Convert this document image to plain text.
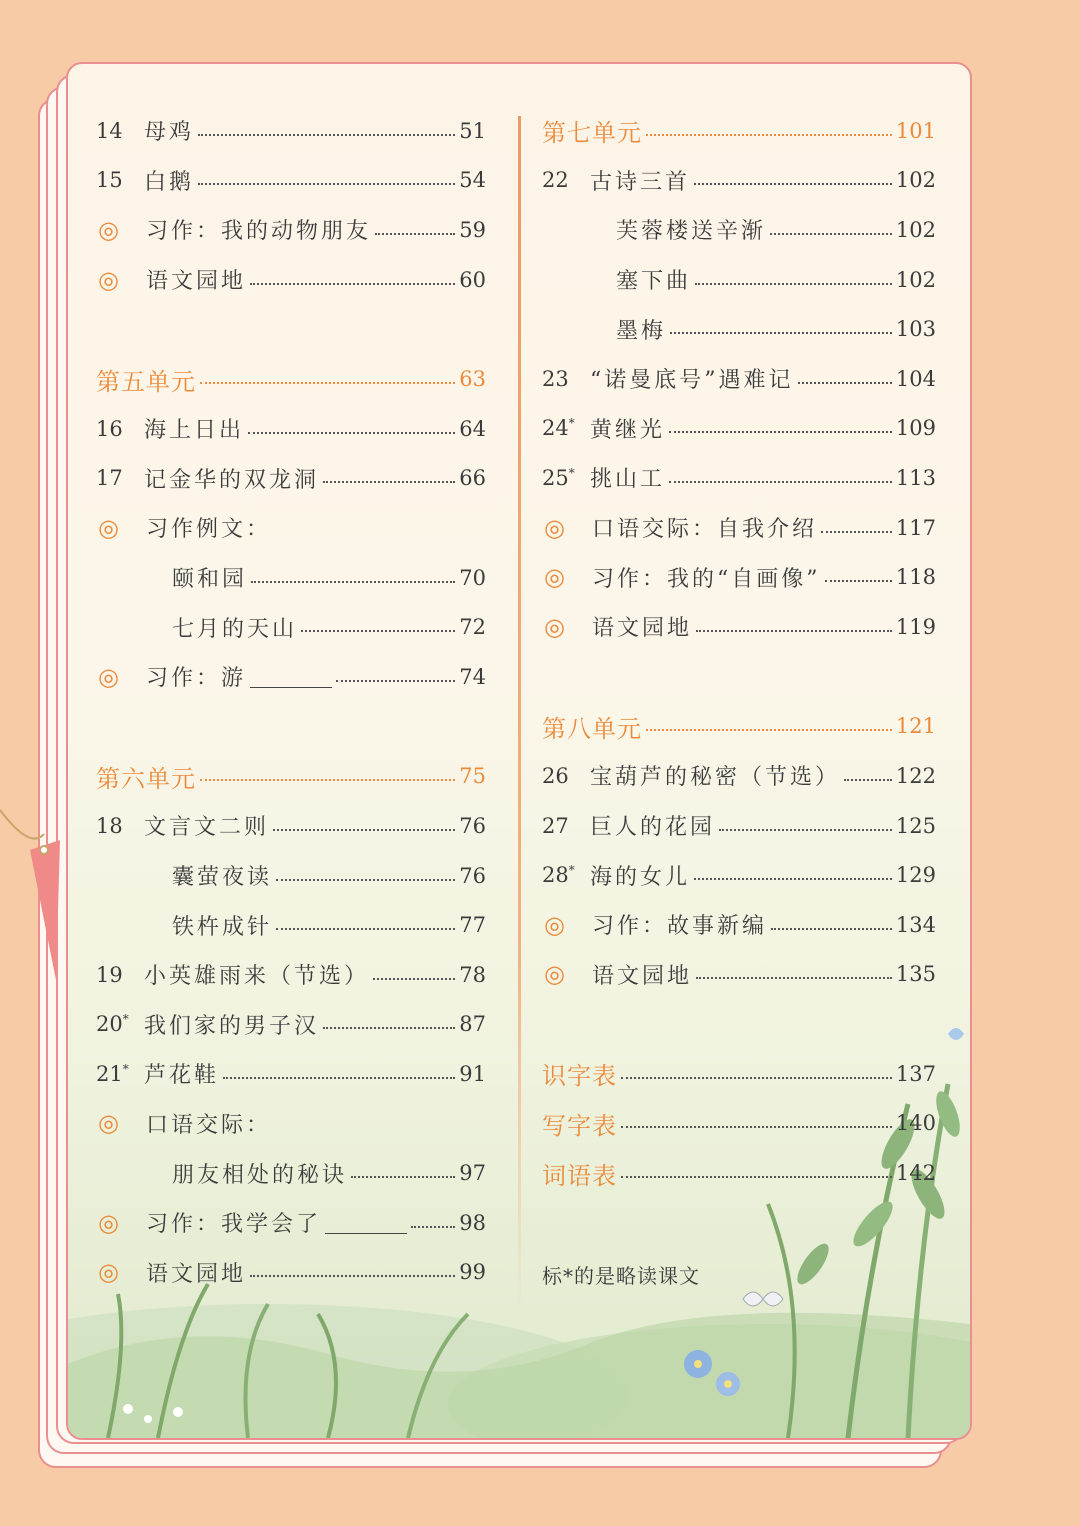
14 母鸡	51
15 白鹅	54
◎	习作：我的动物朋友	59
◎	语文园地	60
第五单元	63
16 海上日出	64
17 记金华的双龙洞	66
◎	习作例文：
颐和园	70
七月的天山	72
◎	习作：游	74
第六单元	75
18 文言文二则	76
囊萤夜读	76
铁杵成针	77
19 小英雄雨来（节选）	78
20* 我们家的男子汉	87
21* 芦花鞋	91
◎	口语交际：
朋友相处的秘诀	97
◎	习作：我学会了	98
◎	语文园地	99
第七单元	101
22 古诗三首	102
芙蓉楼送辛渐	102
塞下曲	102
墨梅	103
23 “诺曼底号”遇难记	104
24* 黄继光	109
25* 挑山工	113
◎	口语交际：自我介绍	117
◎	习作：我的“自画像”	118
◎	语文园地	119
第八单元	121
26 宝葫芦的秘密（节选）	122
27 巨人的花园	125
28* 海的女儿	129
◎	习作：故事新编	134
◎	语文园地	135
识字表	137
写字表	140
词语表	142
标*的是略读课文
